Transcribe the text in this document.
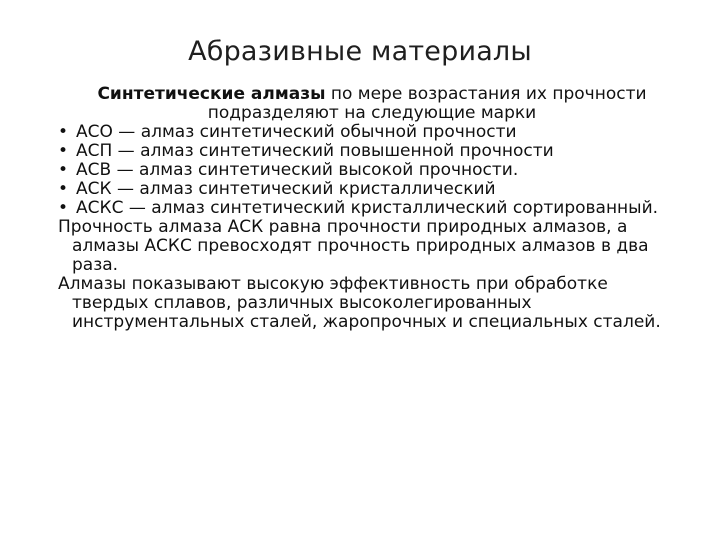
Абразивные материалы

Синтетические алмазы по мере возрастания их прочности подразделяют на следующие марки

• АСО — алмаз синтетический обычной прочности
• АСП — алмаз синтетический повышенной прочности
• АСВ — алмаз синтетический высокой прочности.
• АСК — алмаз синтетический кристаллический
• АСКС — алмаз синтетический кристаллический сортированный.

Прочность алмаза АСК равна прочности природных алмазов, а алмазы АСКС превосходят прочность природных алмазов в два раза.

Алмазы показывают высокую эффективность при обработке твердых сплавов, различных высоколегированных инструментальных сталей, жаропрочных и специальных сталей.
